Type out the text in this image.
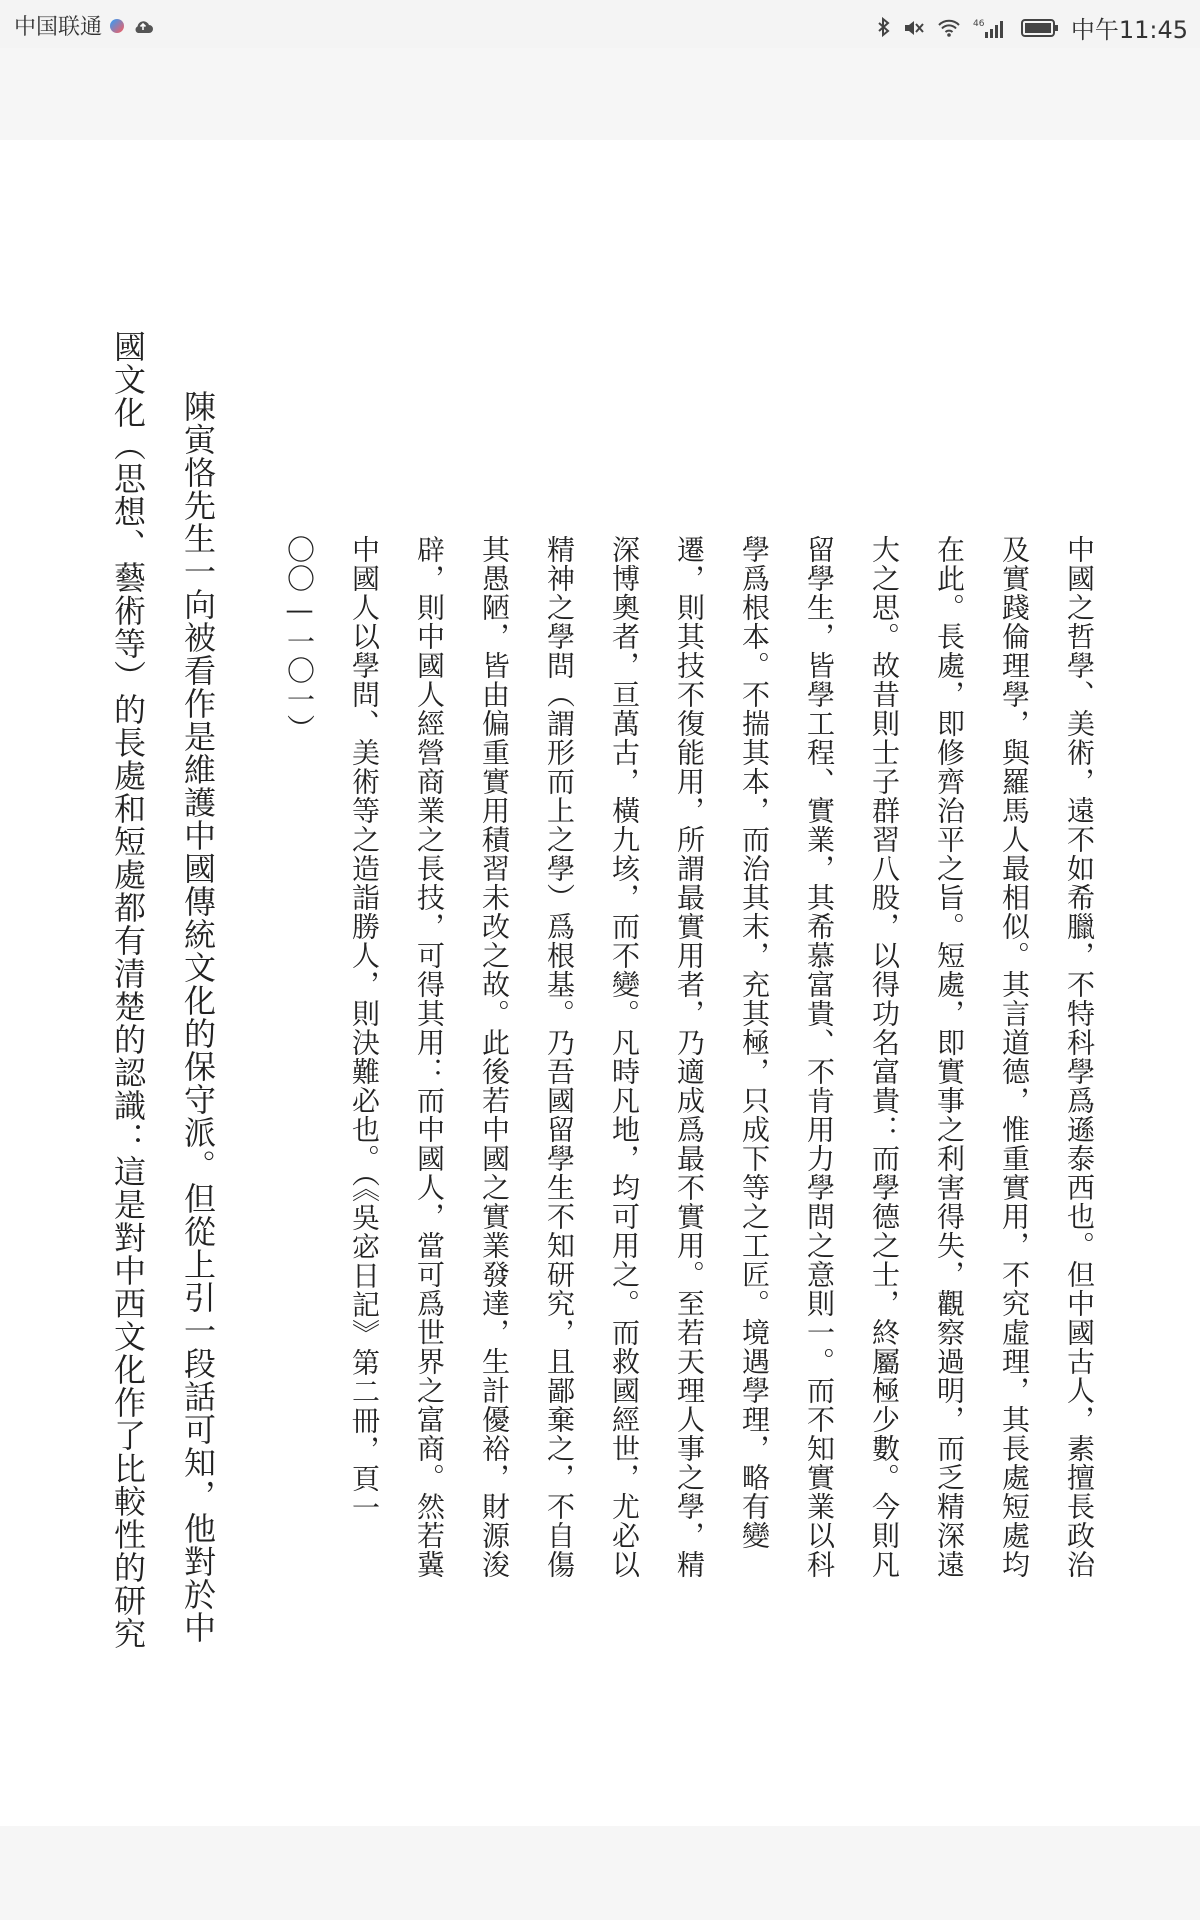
中国联通	46	中午11:45
中國之哲學、美術，遠不如希臘，不特科學爲遜泰西也。但中國古人，素擅長政治
及實踐倫理學，與羅馬人最相似。其言道德，惟重實用，不究虛理，其長處短處均
在此。長處，即修齊治平之旨。短處，即實事之利害得失，觀察過明，而乏精深遠
大之思。故昔則士子群習八股，以得功名富貴：而學德之士，終屬極少數。今則凡
留學生，皆學工程、實業，其希慕富貴、不肯用力學問之意則一。而不知實業以科
學爲根本。不揣其本，而治其末，充其極，只成下等之工匠。境遇學理，略有變
遷，則其技不復能用，所謂最實用者，乃適成爲最不實用。至若天理人事之學，精
深博奧者，亘萬古，橫九垓，而不變。凡時凡地，均可用之。而救國經世，尤必以
精神之學問（謂形而上之學）爲根基。乃吾國留學生不知研究，且鄙棄之，不自傷
其愚陋，皆由偏重實用積習未改之故。此後若中國之實業發達，生計優裕，財源浚
辟，則中國人經營商業之長技，可得其用：而中國人，當可爲世界之富商。然若冀
中國人以學問、美術等之造詣勝人，則決難必也。（《吳宓日記》第二冊，頁一
〇〇—一〇一）
陳寅恪先生一向被看作是維護中國傳統文化的保守派。但從上引一段話可知，他對於中
國文化（思想、藝術等）的長處和短處都有清楚的認識：這是對中西文化作了比較性的研究
